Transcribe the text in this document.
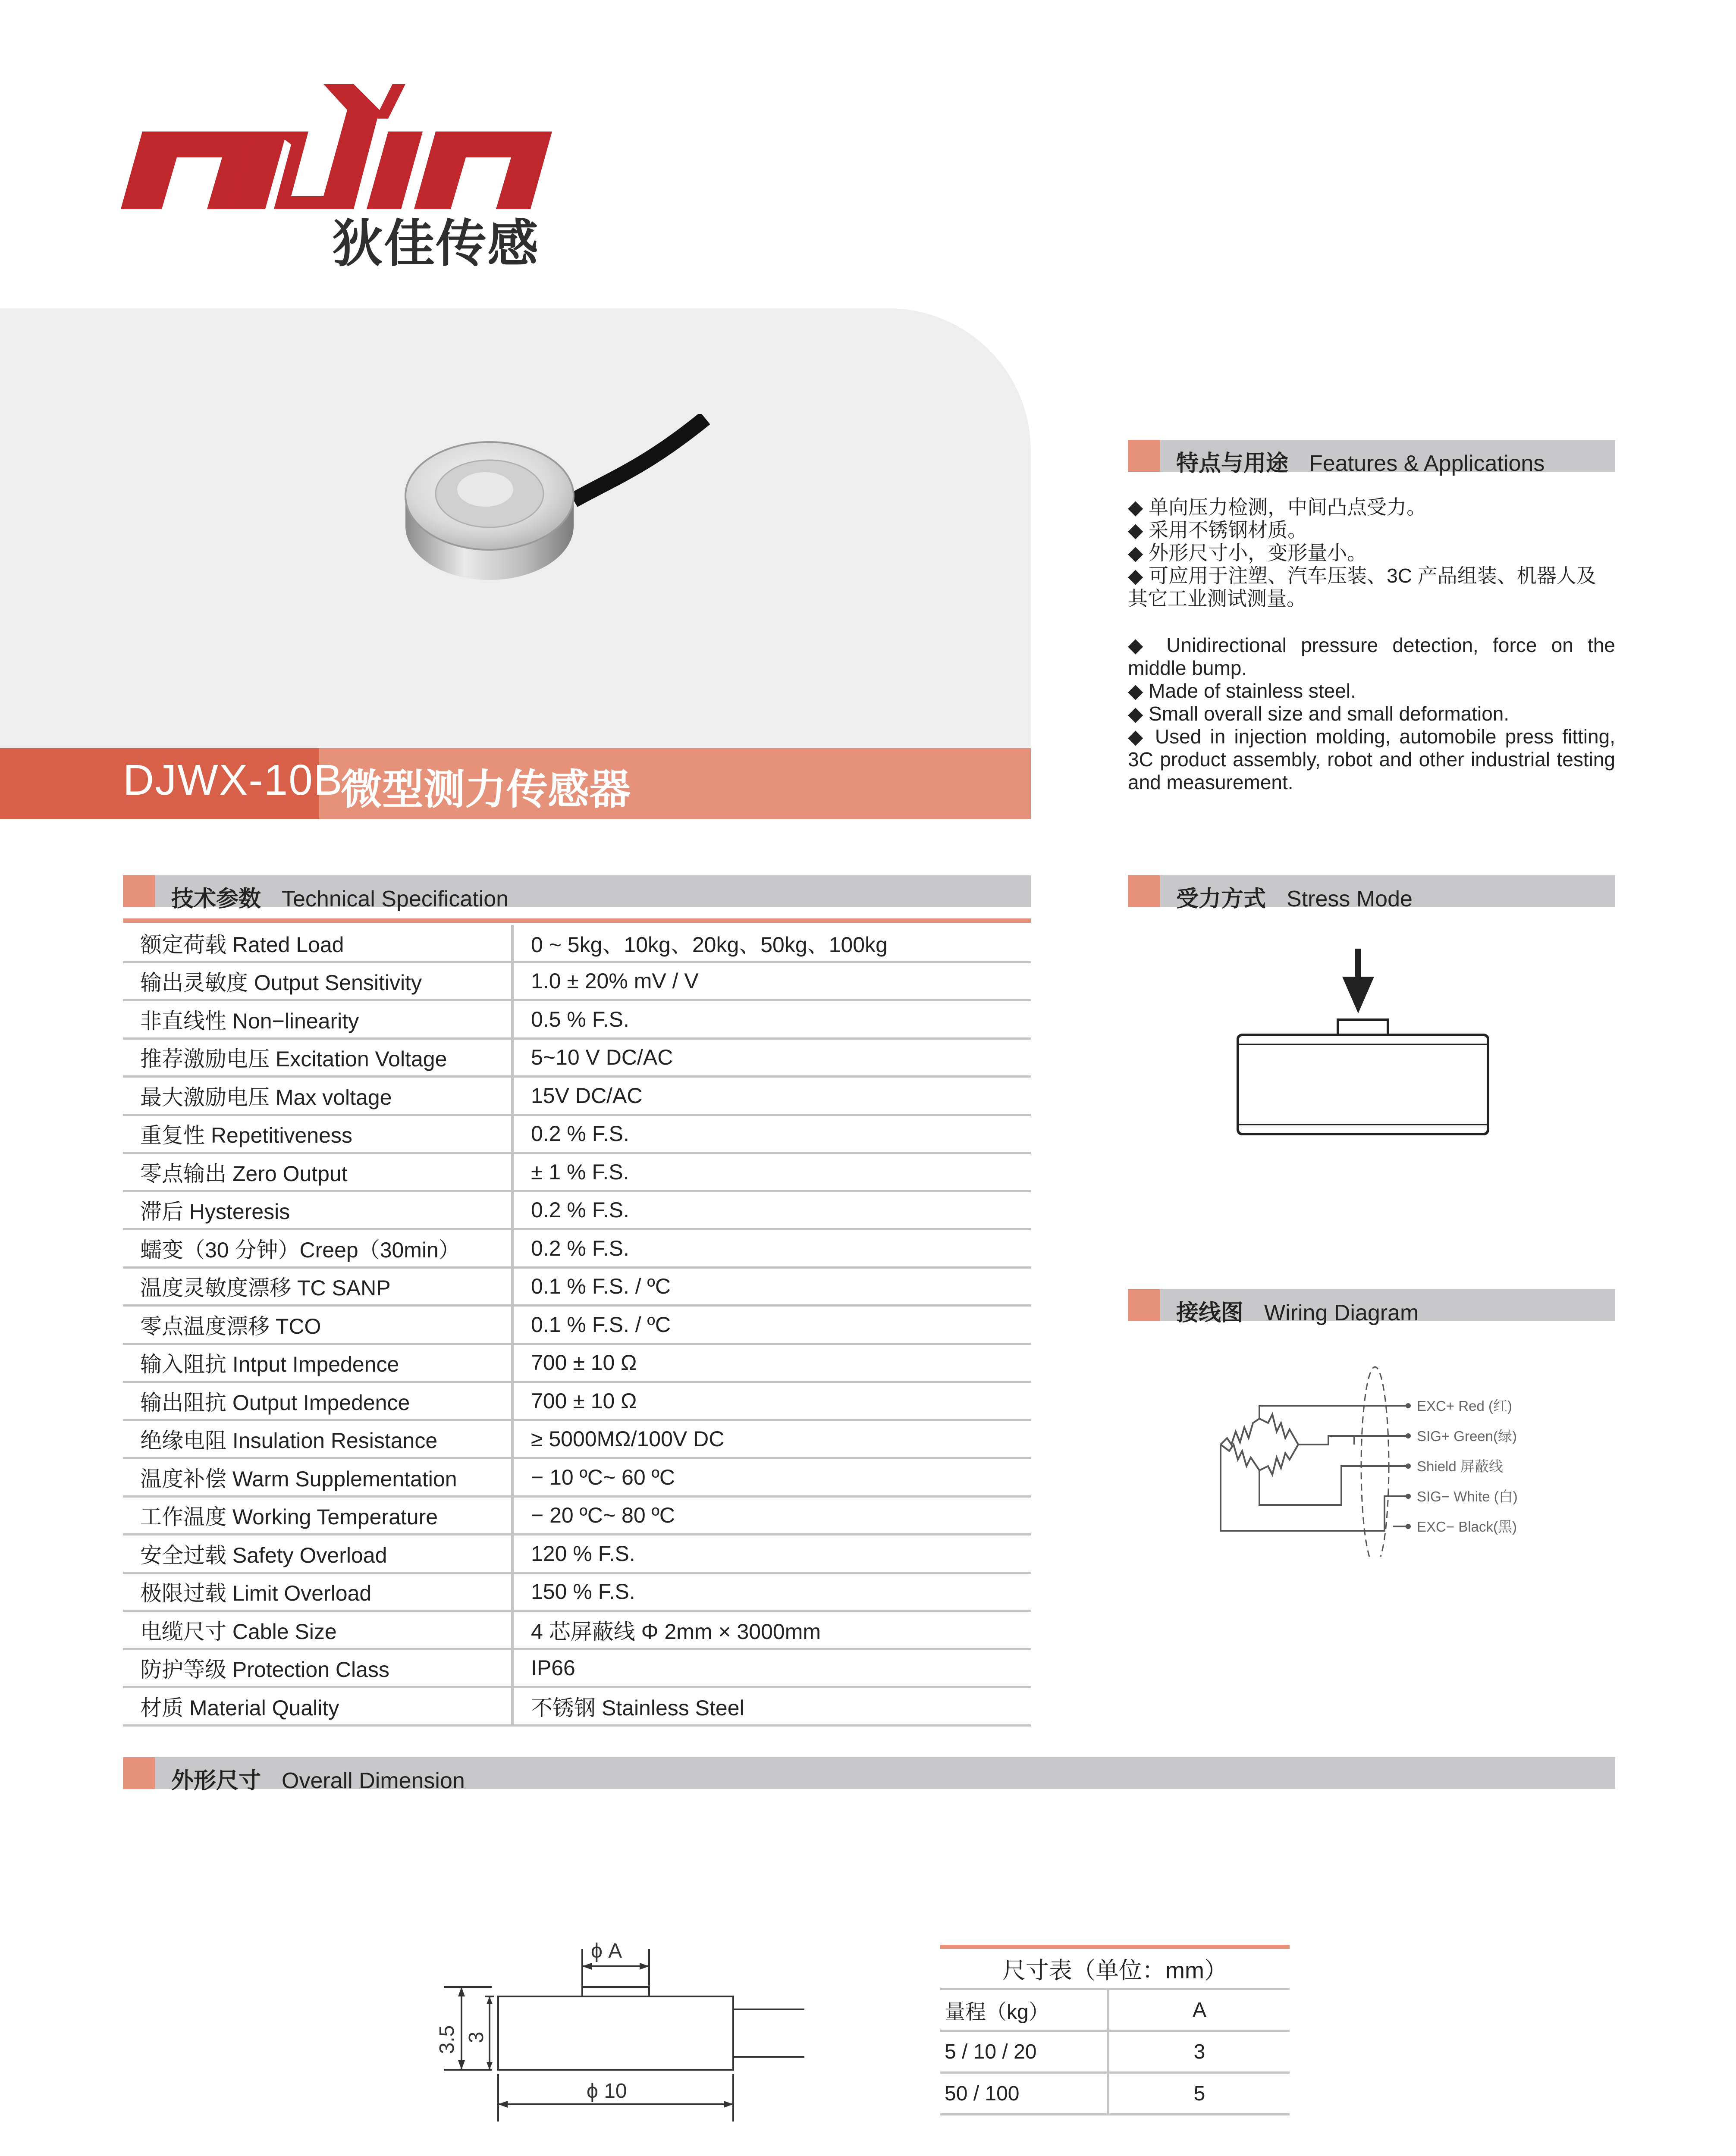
狄佳传感
DJWX-10B
微型测力传感器
特点与用途 Features & Applications

◆ 单向压力检测，中间凸点受力。

◆ 采用不锈钢材质。

◆ 外形尺寸小，变形量小。

◆ 可应用于注塑、汽车压装、3C 产品组装、机器人及其它工业测试测量。

◆ Unidirectional pressure detection, force on the middle bump.

◆ Made of stainless steel.

◆ Small overall size and small deformation.

◆ Used in injection molding, automobile press fitting, 3C product assembly, robot and other industrial testing and measurement.

技术参数 Technical Specification
额定荷载 Rated Load	0 ~ 5kg、10kg、20kg、50kg、100kg
输出灵敏度 Output Sensitivity	1.0 ± 20% mV / V
非直线性 Non−linearity	0.5 % F.S.
推荐激励电压 Excitation Voltage	5~10 V DC/AC
最大激励电压 Max voltage	15V DC/AC
重复性 Repetitiveness	0.2 % F.S.
零点输出 Zero Output	± 1 % F.S.
滞后 Hysteresis	0.2 % F.S.
蠕变（30 分钟）Creep（30min）	0.2 % F.S.
温度灵敏度漂移 TC SANP	0.1 % F.S. / ºC
零点温度漂移 TCO	0.1 % F.S. / ºC
输入阻抗 Intput Impedence	700 ± 10 Ω
输出阻抗 Output Impedence	700 ± 10 Ω
绝缘电阻 Insulation Resistance	≥ 5000MΩ/100V DC
温度补偿 Warm Supplementation	− 10 ºC~ 60 ºC
工作温度 Working Temperature	− 20 ºC~ 80 ºC
安全过载 Safety Overload	120 % F.S.
极限过载 Limit Overload	150 % F.S.
电缆尺寸 Cable Size	4 芯屏蔽线 Φ 2mm × 3000mm
防护等级 Protection Class	IP66
材质 Material Quality	不锈钢 Stainless Steel
受力方式 Stress Mode
接线图 Wiring Diagram
EXC+ Red (红)
SIG+ Green(绿)
Shield 屏蔽线
SIG− White (白)
EXC− Black(黑)
外形尺寸 Overall Dimension
ϕ A
ϕ 10
3.5 3
尺寸表（单位：mm）	
量程（kg）	A
5 / 10 / 20	3
50 / 100	5
